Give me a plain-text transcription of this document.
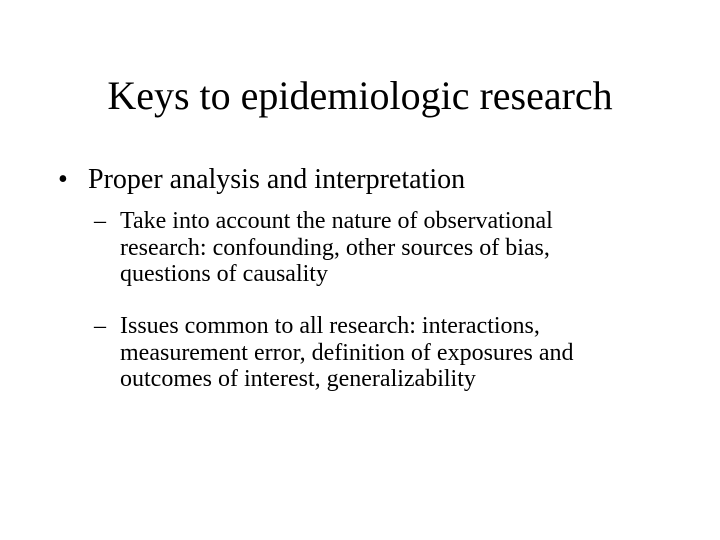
Keys to epidemiologic research
• Proper analysis and interpretation
– Take into account the nature of observational
research: confounding, other sources of bias,
questions of causality
– Issues common to all research: interactions,
measurement error, definition of exposures and
outcomes of interest, generalizability
